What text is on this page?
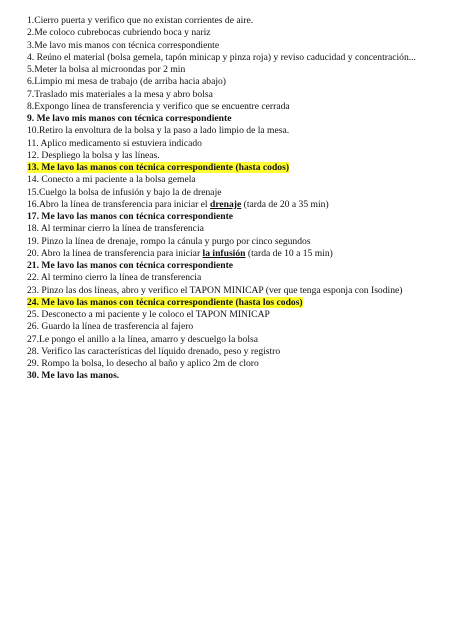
1.Cierro puerta y verifico que no existan corrientes de aire.
2.Me coloco cubrebocas cubriendo boca y nariz
3.Me lavo mis manos con técnica correspondiente
4. Reúno el material (bolsa gemela, tapón minicap y pinza roja) y reviso caducidad y concentración...
5.Meter la bolsa al microondas por 2 min
6.Limpio mi mesa de trabajo (de arriba hacia abajo)
7.Traslado mis materiales a la mesa y abro bolsa
8.Expongo línea de transferencia y verifico que se encuentre cerrada
9. Me lavo mis manos con técnica correspondiente
10.Retiro la envoltura de la bolsa y la paso a lado limpio de la mesa.
11. Aplico medicamento si estuviera indicado
12. Despliego la bolsa y las líneas.
13. Me lavo las manos con técnica correspondiente (hasta codos)
14. Conecto a mi paciente a la bolsa gemela
15.Cuelgo la bolsa de infusión y bajo la de drenaje
16.Abro la línea de transferencia para iniciar el drenaje (tarda de 20 a 35 min)
17. Me lavo las manos con técnica correspondiente
18. Al terminar cierro la línea de transferencia
19. Pinzo la línea de drenaje, rompo la cánula y purgo por cinco segundos
20. Abro la línea de transferencia para iniciar la infusión (tarda de 10 a 15 min)
21. Me lavo las manos con técnica correspondiente
22. Al termino cierro la línea de transferencia
23. Pinzo las dos líneas, abro y verifico el TAPON MINICAP (ver que tenga esponja con Isodine)
24. Me lavo las manos con técnica correspondiente (hasta los codos)
25. Desconecto a mi paciente y le coloco el TAPON MINICAP
26. Guardo la línea de trasferencia al fajero
27.Le pongo el anillo a la línea, amarro y descuelgo la bolsa
28. Verifico las características del líquido drenado, peso y registro
29. Rompo la bolsa, lo desecho al baño y aplico 2m de cloro
30. Me lavo las manos.
